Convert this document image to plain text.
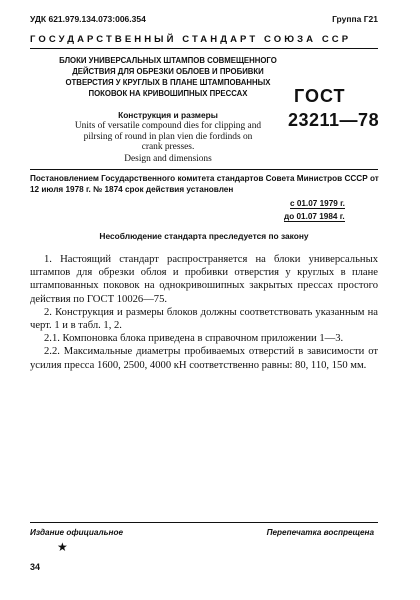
УДК 621.979.134.073:006.354	Группа Г21
ГОСУДАРСТВЕННЫЙ СТАНДАРТ СОЮЗА ССР
БЛОКИ УНИВЕРСАЛЬНЫХ ШТАМПОВ СОВМЕЩЕННОГО
ДЕЙСТВИЯ ДЛЯ ОБРЕЗКИ ОБЛОЕВ И ПРОБИВКИ
ОТВЕРСТИЯ У КРУГЛЫХ В ПЛАНЕ ШТАМПОВАННЫХ
ПОКОВОК НА КРИВОШИПНЫХ ПРЕССАХ
Конструкция и размеры
Units of versatile compound dies for clipping and
pilrsing of round in plan vien die fordinds on
crank presses.
Design and dimensions
ГОСТ
23211—78
Постановлением Государственного комитета стандартов Совета Министров СССР от 12 июля 1978 г. № 1874 срок действия установлен
с 01.07 1979 г.
до 01.07 1984 г.
Несоблюдение стандарта преследуется по закону

1. Настоящий стандарт распространяется на блоки универсальных штампов для обрезки облоя и пробивки отверстия у круглых в плане штампованных поковок на однокривошипных закрытых прессах простого действия по ГОСТ 10026—75.

2. Конструкция и размеры блоков должны соответствовать указанным на черт. 1 и в табл. 1, 2.

2.1. Компоновка блока приведена в справочном приложении 1—3.

2.2. Максимальные диаметры пробиваемых отверстий в зависимости от усилия пресса 1600, 2500, 4000 кН соответственно равны: 80, 110, 150 мм.

Издание официальное	Перепечатка воспрещена
★
34
